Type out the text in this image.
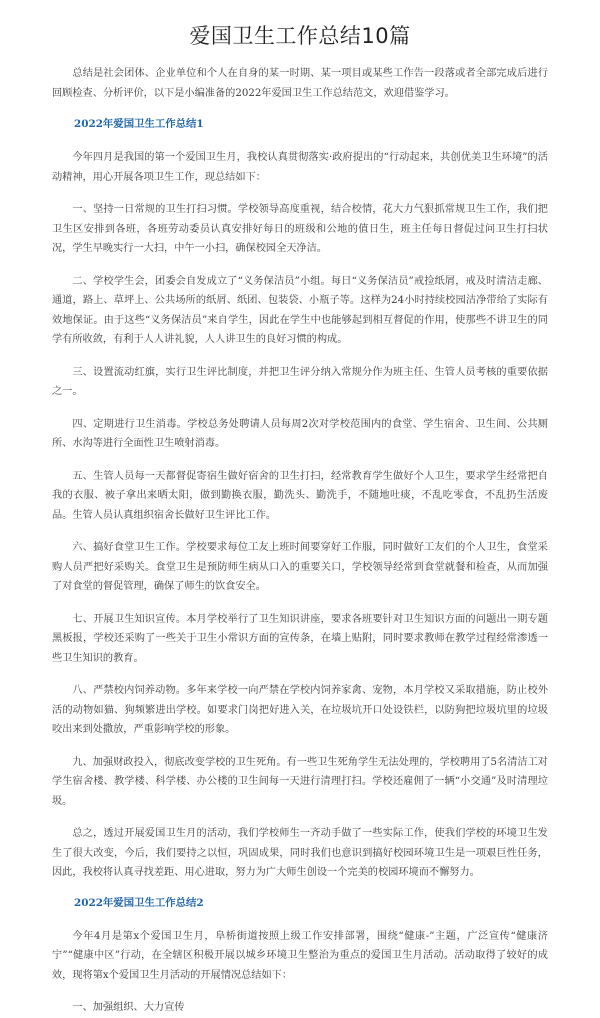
爱国卫生工作总结10篇

总结是社会团体、企业单位和个人在自身的某一时期、某一项目或某些工作告一段落或者全部完成后进行回顾检查、分析评价，以下是小编准备的2022年爱国卫生工作总结范文，欢迎借鉴学习。

2022年爱国卫生工作总结1

今年四月是我国的第一个爱国卫生月，我校认真贯彻落实·政府提出的“行动起来，共创优美卫生环境”的活动精神，用心开展各项卫生工作，现总结如下：

一、坚持一日常规的卫生打扫习惯。学校领导高度重视，结合校情，花大力气狠抓常规卫生工作，我们把卫生区安排到各班，各班劳动委员认真安排好每日的班级和公地的值日生，班主任每日督促过问卫生打扫状况，学生早晚实行一大扫，中午一小扫，确保校园全天净洁。

二、学校学生会，团委会自发成立了“义务保洁员”小组。每日“义务保洁员”戒捡纸屑，戒及时清洁走廊、通道，路上、草坪上、公共场所的纸屑、纸团、包装袋、小瓶子等。这样为24小时持续校园洁净带给了实际有效地保证。由于这些“义务保洁员”来自学生，因此在学生中也能够起到相互督促的作用，使那些不讲卫生的同学有所收敛，有利于人人讲礼貌，人人讲卫生的良好习惯的构成。

三、设置流动红旗，实行卫生评比制度，并把卫生评分纳入常规分作为班主任、生管人员考核的重要依据之一。

四、定期进行卫生消毒。学校总务处聘请人员每周2次对学校范围内的食堂、学生宿舍、卫生间、公共厕所、水沟等进行全面性卫生喷射消毒。

五、生管人员每一天都督促寄宿生做好宿舍的卫生打扫，经常教育学生做好个人卫生，要求学生经常把自我的衣服、被子拿出来晒太阳，做到勤换衣服，勤洗头、勤洗手，不随地吐痰，不乱吃零食，不乱扔生活废品。生管人员认真组织宿舍长做好卫生评比工作。

六、搞好食堂卫生工作。学校要求每位工友上班时间要穿好工作服，同时做好工友们的个人卫生，食堂采购人员严把好采购关。食堂卫生是预防师生病从口入的重要关口，学校领导经常到食堂就餐和检查，从而加强了对食堂的督促管理，确保了师生的饮食安全。

七、开展卫生知识宣传。本月学校举行了卫生知识讲座，要求各班要针对卫生知识方面的问题出一期专题黑板报，学校还采购了一些关于卫生小常识方面的宣传条，在墙上贴附，同时要求教师在教学过程经常渗透一些卫生知识的教育。

八、严禁校内饲养动物。多年来学校一向严禁在学校内饲养家禽、宠物，本月学校又采取措施，防止校外活的动物如猫、狗频繁进出学校。如要求门岗把好进入关，在垃圾坑开口处设铁栏，以防狗把垃圾坑里的垃圾咬出来到处撒放，严重影响学校的形象。

九、加强财政投入，彻底改变学校的卫生死角。有一些卫生死角学生无法处理的，学校聘用了5名清洁工对学生宿舍楼、教学楼、科学楼、办公楼的卫生间每一天进行清理打扫。学校还雇佣了一辆“小交通”及时清理垃圾。

总之，透过开展爱国卫生月的活动，我们学校师生一齐动手做了一些实际工作，使我们学校的环境卫生发生了很大改变，今后，我们要持之以恒，巩固成果，同时我们也意识到搞好校园环境卫生是一项艰巨性任务，因此，我校将认真寻找差距、用心进取，努力为广大师生创设一个完美的校园环境而不懈努力。

2022年爱国卫生工作总结2

今年4月是第x个爱国卫生月，阜桥街道按照上级工作安排部署，围绕“健康-”主题，广泛宣传“健康济宁”“健康中区”行动，在全辖区积极开展以城乡环境卫生整治为重点的爱国卫生月活动。活动取得了较好的成效，现将第x个爱国卫生月活动的开展情况总结如下：

一、加强组织、大力宣传
